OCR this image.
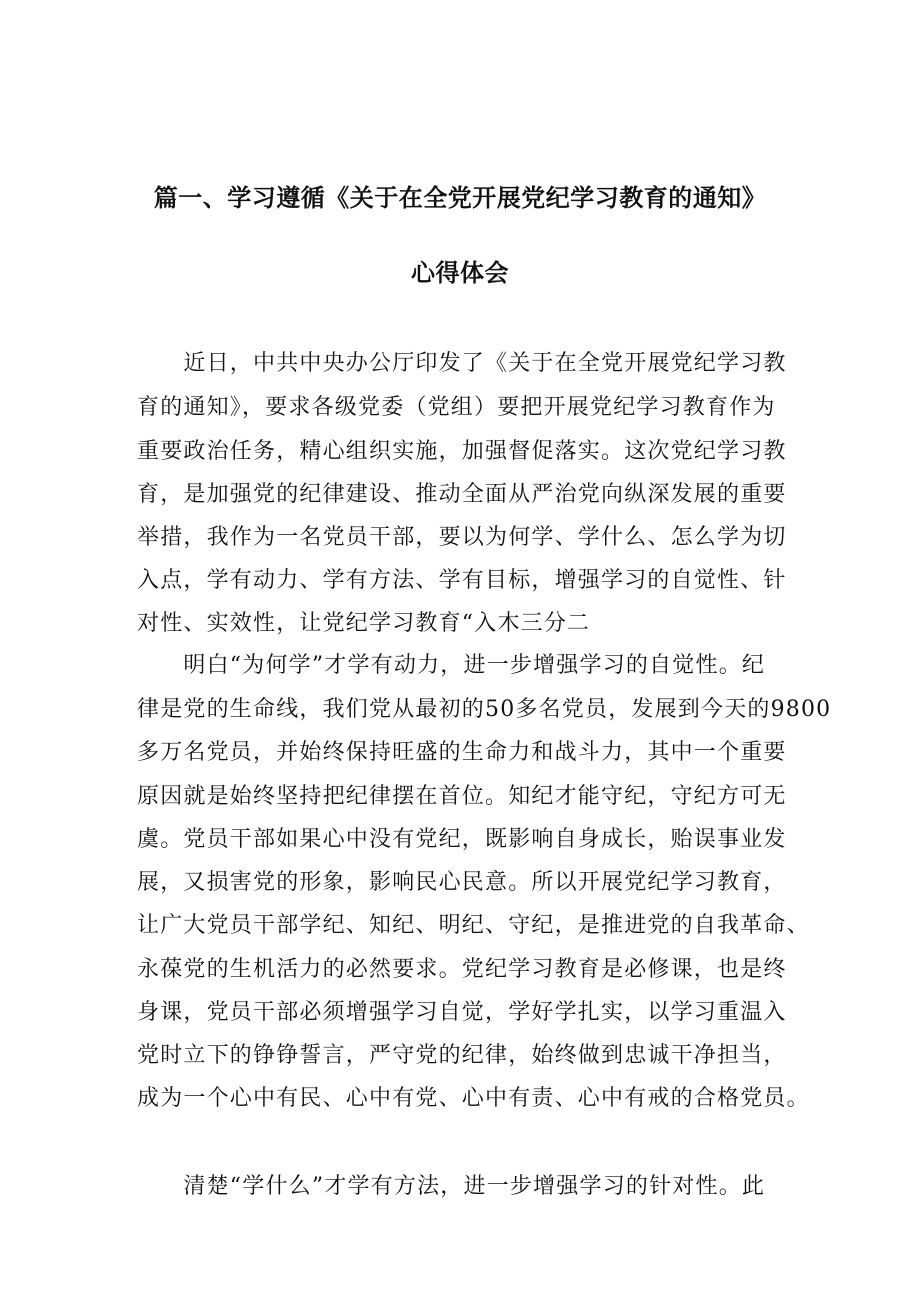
篇一、学习遵循《关于在全党开展党纪学习教育的通知》
心得体会
　　近日，中共中央办公厅印发了《关于在全党开展党纪学习教
育的通知》，要求各级党委（党组）要把开展党纪学习教育作为
重要政治任务，精心组织实施，加强督促落实。这次党纪学习教
育，是加强党的纪律建设、推动全面从严治党向纵深发展的重要
举措，我作为一名党员干部，要以为何学、学什么、怎么学为切
入点，学有动力、学有方法、学有目标，增强学习的自觉性、针
对性、实效性，让党纪学习教育“入木三分二
　　明白“为何学”才学有动力，进一步增强学习的自觉性。纪
律是党的生命线，我们党从最初的50多名党员，发展到今天的9800
多万名党员，并始终保持旺盛的生命力和战斗力，其中一个重要
原因就是始终坚持把纪律摆在首位。知纪才能守纪，守纪方可无
虞。党员干部如果心中没有党纪，既影响自身成长，贻误事业发
展，又损害党的形象，影响民心民意。所以开展党纪学习教育，
让广大党员干部学纪、知纪、明纪、守纪，是推进党的自我革命、
永葆党的生机活力的必然要求。党纪学习教育是必修课，也是终
身课，党员干部必须增强学习自觉，学好学扎实，以学习重温入
党时立下的铮铮誓言，严守党的纪律，始终做到忠诚干净担当，
成为一个心中有民、心中有党、心中有责、心中有戒的合格党员。
　　清楚“学什么”才学有方法，进一步增强学习的针对性。此
